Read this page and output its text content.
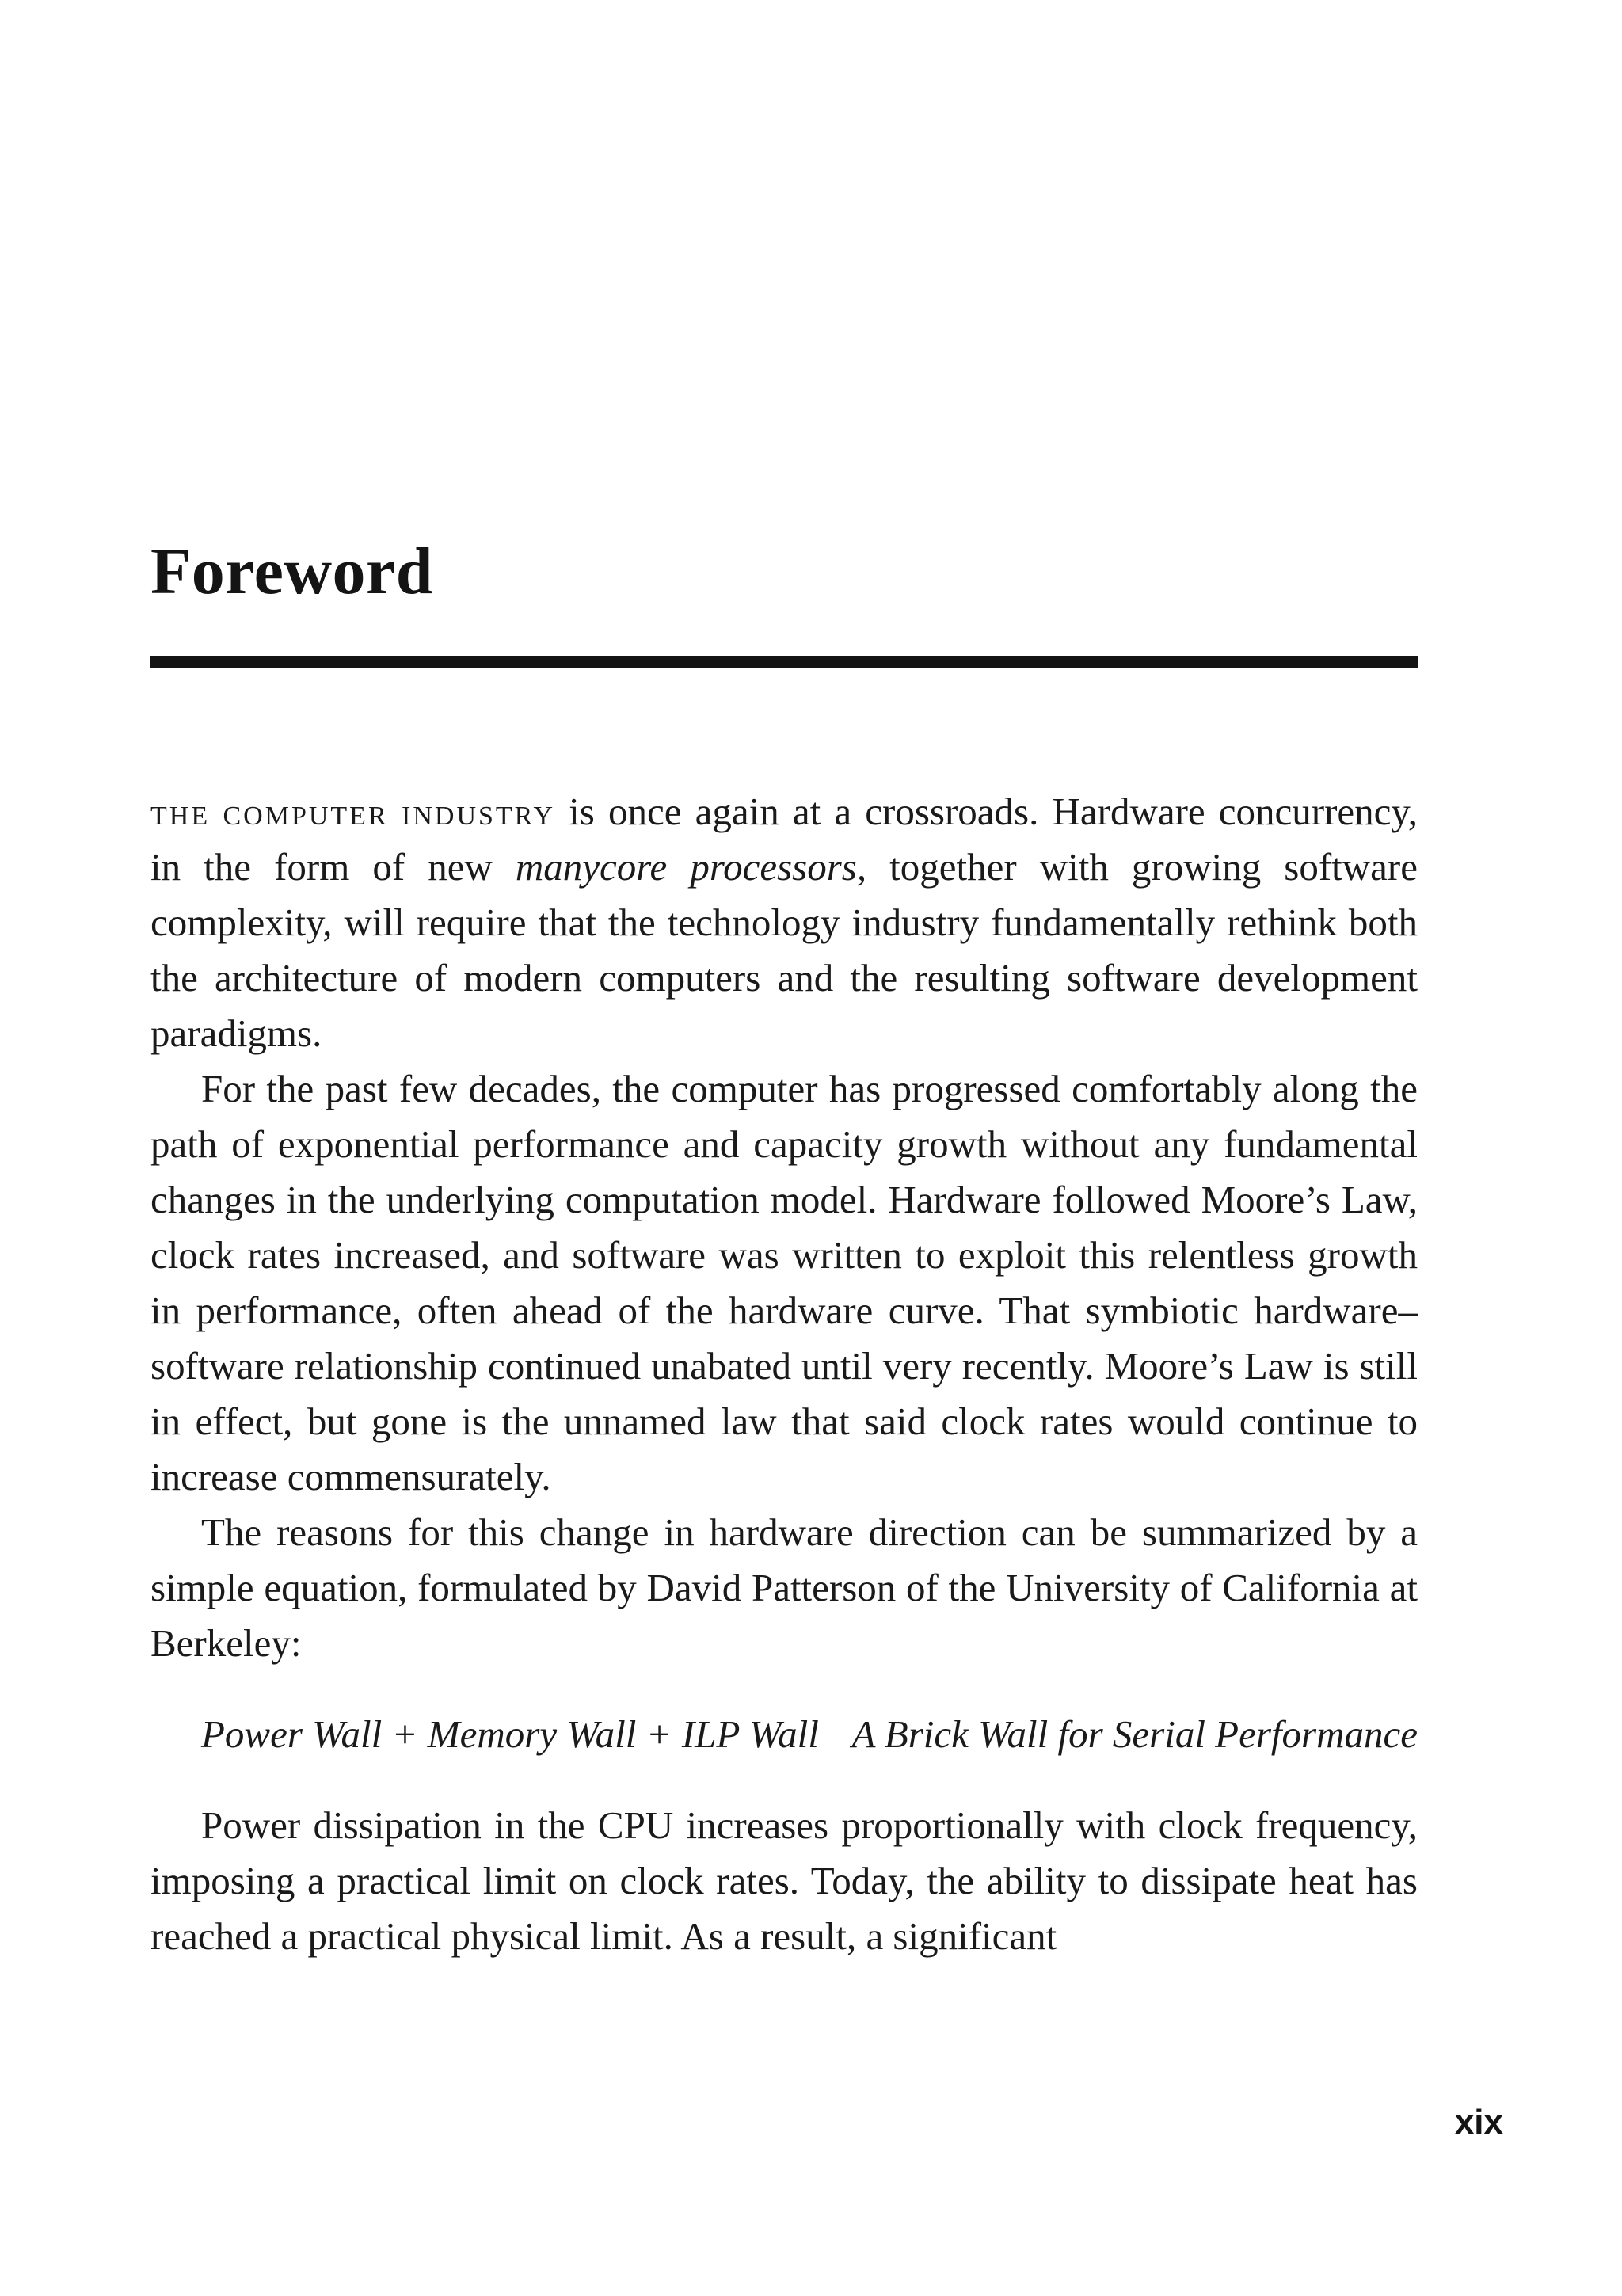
Foreword

the computer industry is once again at a crossroads. Hardware concurrency, in the form of new manycore processors, together with growing software complexity, will require that the technology industry fundamentally rethink both the architecture of modern computers and the resulting software development paradigms.

For the past few decades, the computer has progressed comfortably along the path of exponential performance and capacity growth without any fundamental changes in the underlying computation model. Hardware followed Moore’s Law, clock rates increased, and software was written to exploit this relentless growth in performance, often ahead of the hardware curve. That symbiotic hardware–software relationship continued unabated until very recently. Moore’s Law is still in effect, but gone is the unnamed law that said clock rates would continue to increase commensurately.

The reasons for this change in hardware direction can be summarized by a simple equation, formulated by David Patterson of the University of California at Berkeley:

Power Wall + Memory Wall + ILP Wall A Brick Wall for Serial Performance

Power dissipation in the CPU increases proportionally with clock frequency, imposing a practical limit on clock rates. Today, the ability to dissipate heat has reached a practical physical limit. As a result, a significant

xix
